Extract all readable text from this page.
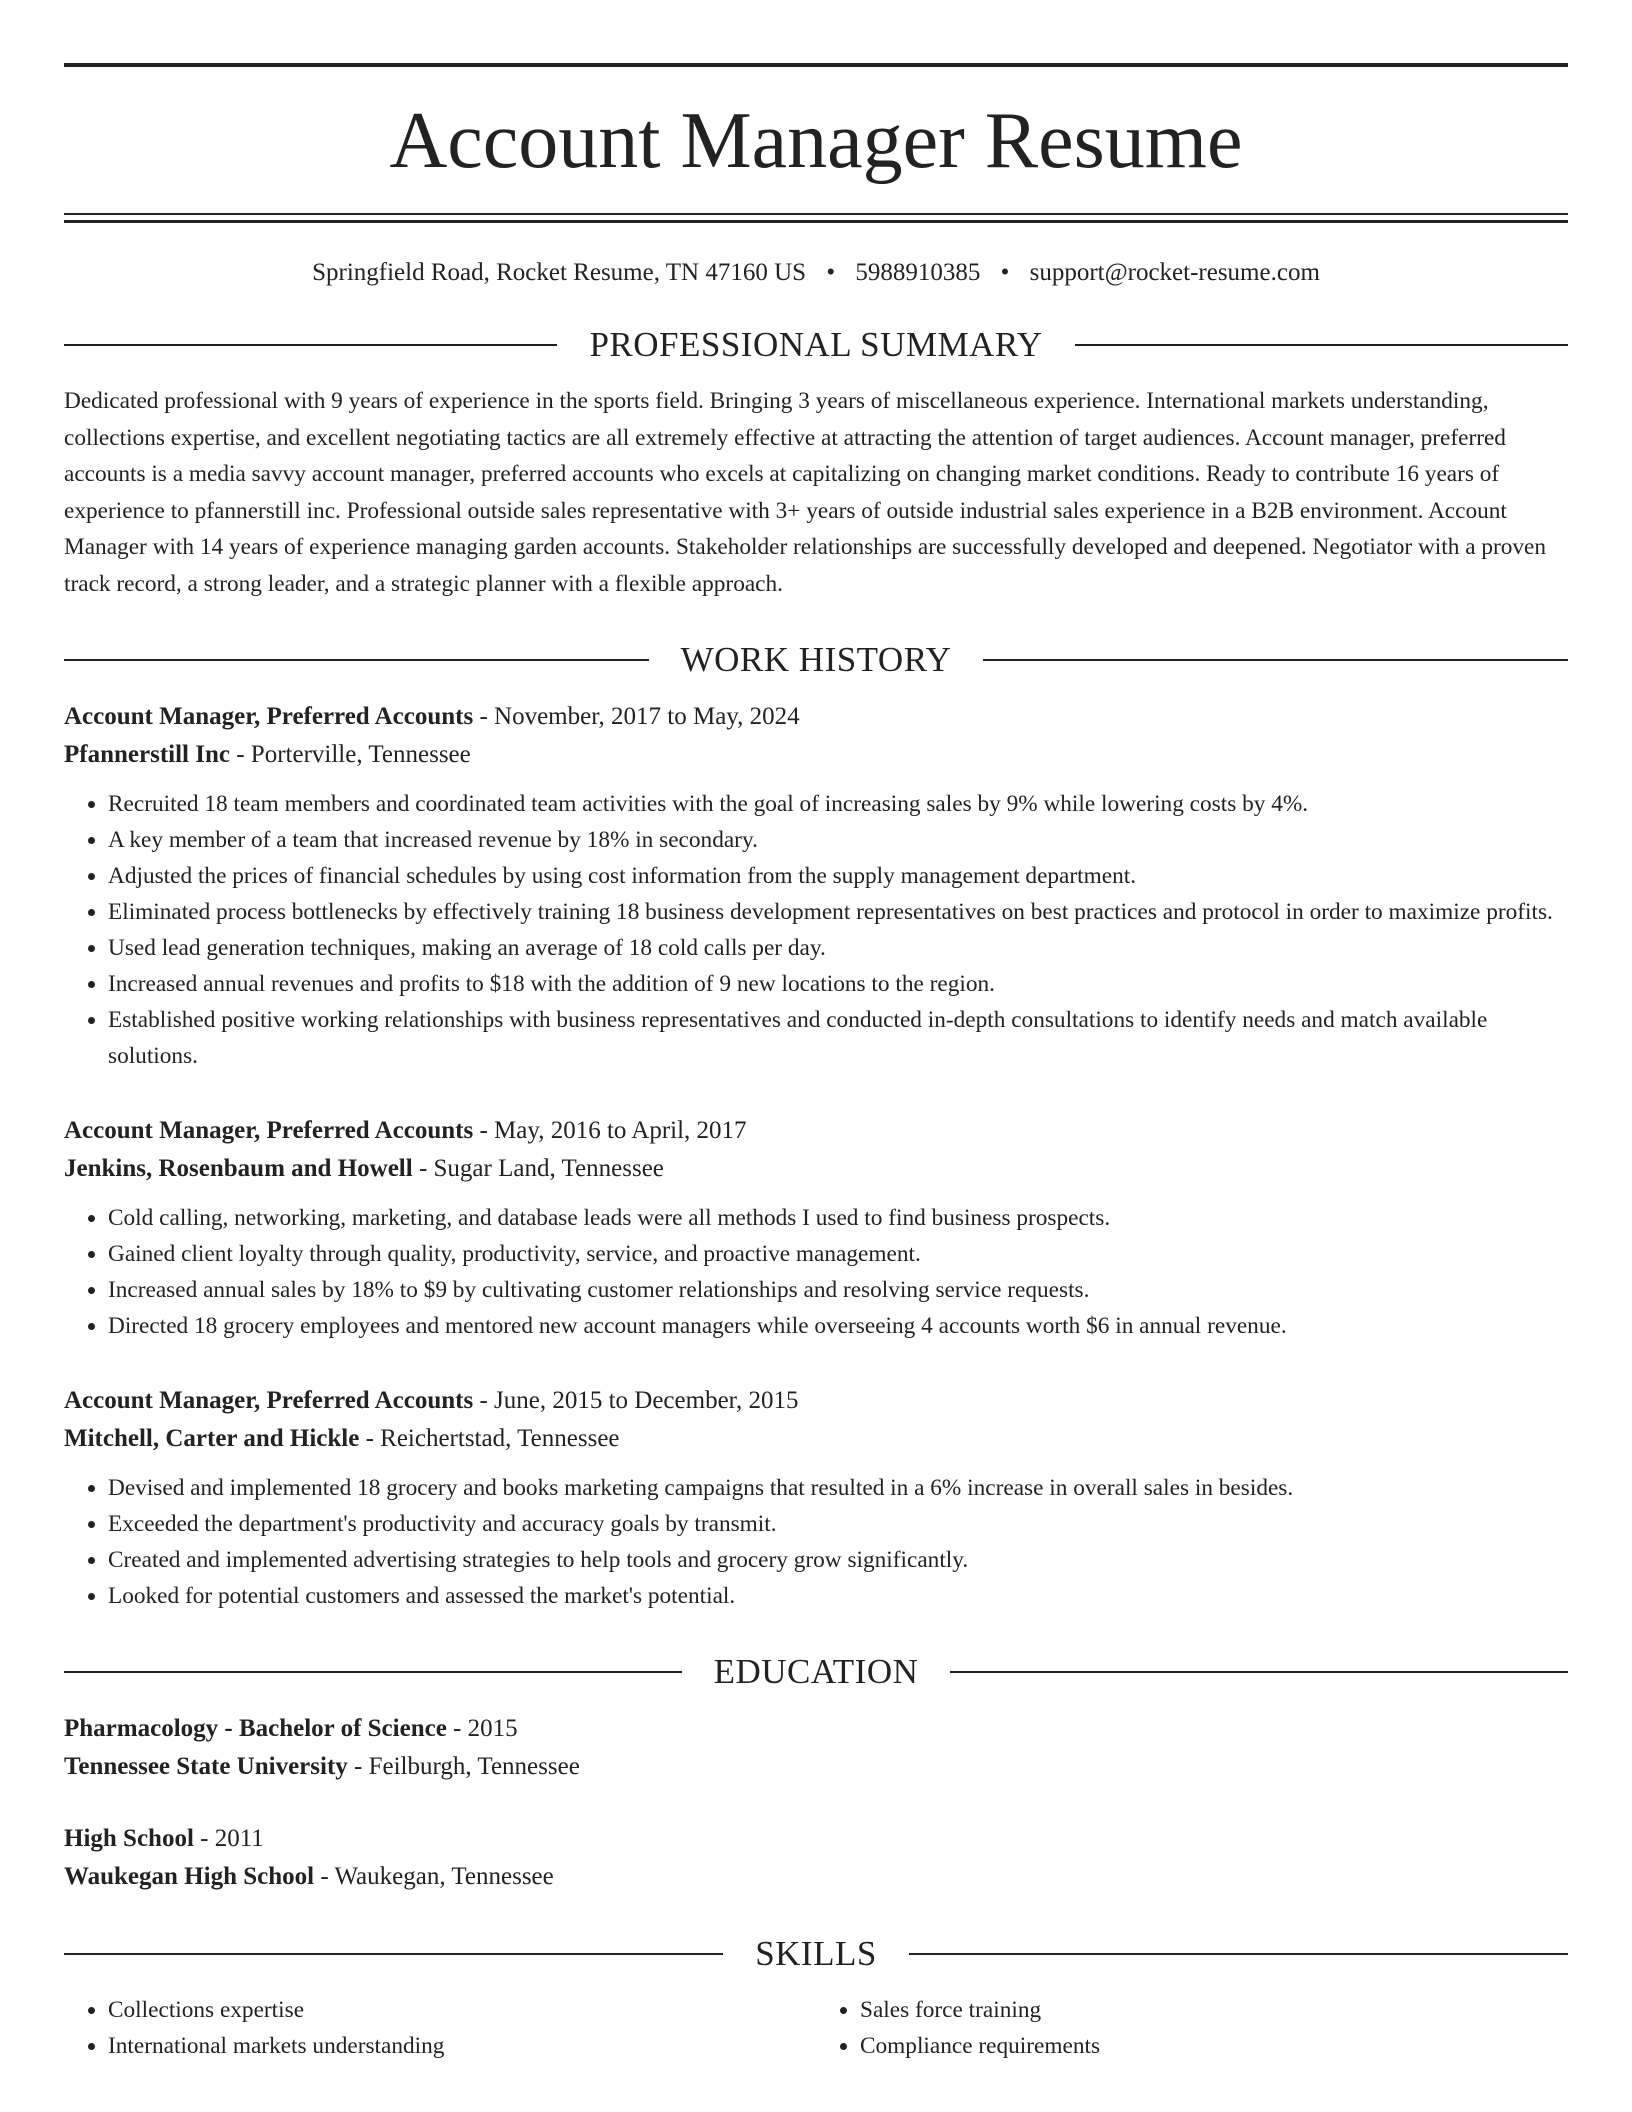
Account Manager Resume
Springfield Road, Rocket Resume, TN 47160 US • 5988910385 • support@rocket-resume.com
PROFESSIONAL SUMMARY

Dedicated professional with 9 years of experience in the sports field. Bringing 3 years of miscellaneous experience. International markets understanding, collections expertise, and excellent negotiating tactics are all extremely effective at attracting the attention of target audiences. Account manager, preferred accounts is a media savvy account manager, preferred accounts who excels at capitalizing on changing market conditions. Ready to contribute 16 years of experience to pfannerstill inc. Professional outside sales representative with 3+ years of outside industrial sales experience in a B2B environment. Account Manager with 14 years of experience managing garden accounts. Stakeholder relationships are successfully developed and deepened. Negotiator with a proven track record, a strong leader, and a strategic planner with a flexible approach.

WORK HISTORY
Account Manager, Preferred Accounts - November, 2017 to May, 2024
Pfannerstill Inc - Porterville, Tennessee
• Recruited 18 team members and coordinated team activities with the goal of increasing sales by 9% while lowering costs by 4%.
• A key member of a team that increased revenue by 18% in secondary.
• Adjusted the prices of financial schedules by using cost information from the supply management department.
• Eliminated process bottlenecks by effectively training 18 business development representatives on best practices and protocol in order to maximize profits.
• Used lead generation techniques, making an average of 18 cold calls per day.
• Increased annual revenues and profits to $18 with the addition of 9 new locations to the region.
• Established positive working relationships with business representatives and conducted in-depth consultations to identify needs and match available solutions.
Account Manager, Preferred Accounts - May, 2016 to April, 2017
Jenkins, Rosenbaum and Howell - Sugar Land, Tennessee
• Cold calling, networking, marketing, and database leads were all methods I used to find business prospects.
• Gained client loyalty through quality, productivity, service, and proactive management.
• Increased annual sales by 18% to $9 by cultivating customer relationships and resolving service requests.
• Directed 18 grocery employees and mentored new account managers while overseeing 4 accounts worth $6 in annual revenue.
Account Manager, Preferred Accounts - June, 2015 to December, 2015
Mitchell, Carter and Hickle - Reichertstad, Tennessee
• Devised and implemented 18 grocery and books marketing campaigns that resulted in a 6% increase in overall sales in besides.
• Exceeded the department's productivity and accuracy goals by transmit.
• Created and implemented advertising strategies to help tools and grocery grow significantly.
• Looked for potential customers and assessed the market's potential.
EDUCATION
Pharmacology - Bachelor of Science - 2015
Tennessee State University - Feilburgh, Tennessee
High School - 2011
Waukegan High School - Waukegan, Tennessee
SKILLS
• Collections expertise
• International markets understanding
• Sales force training
• Compliance requirements
